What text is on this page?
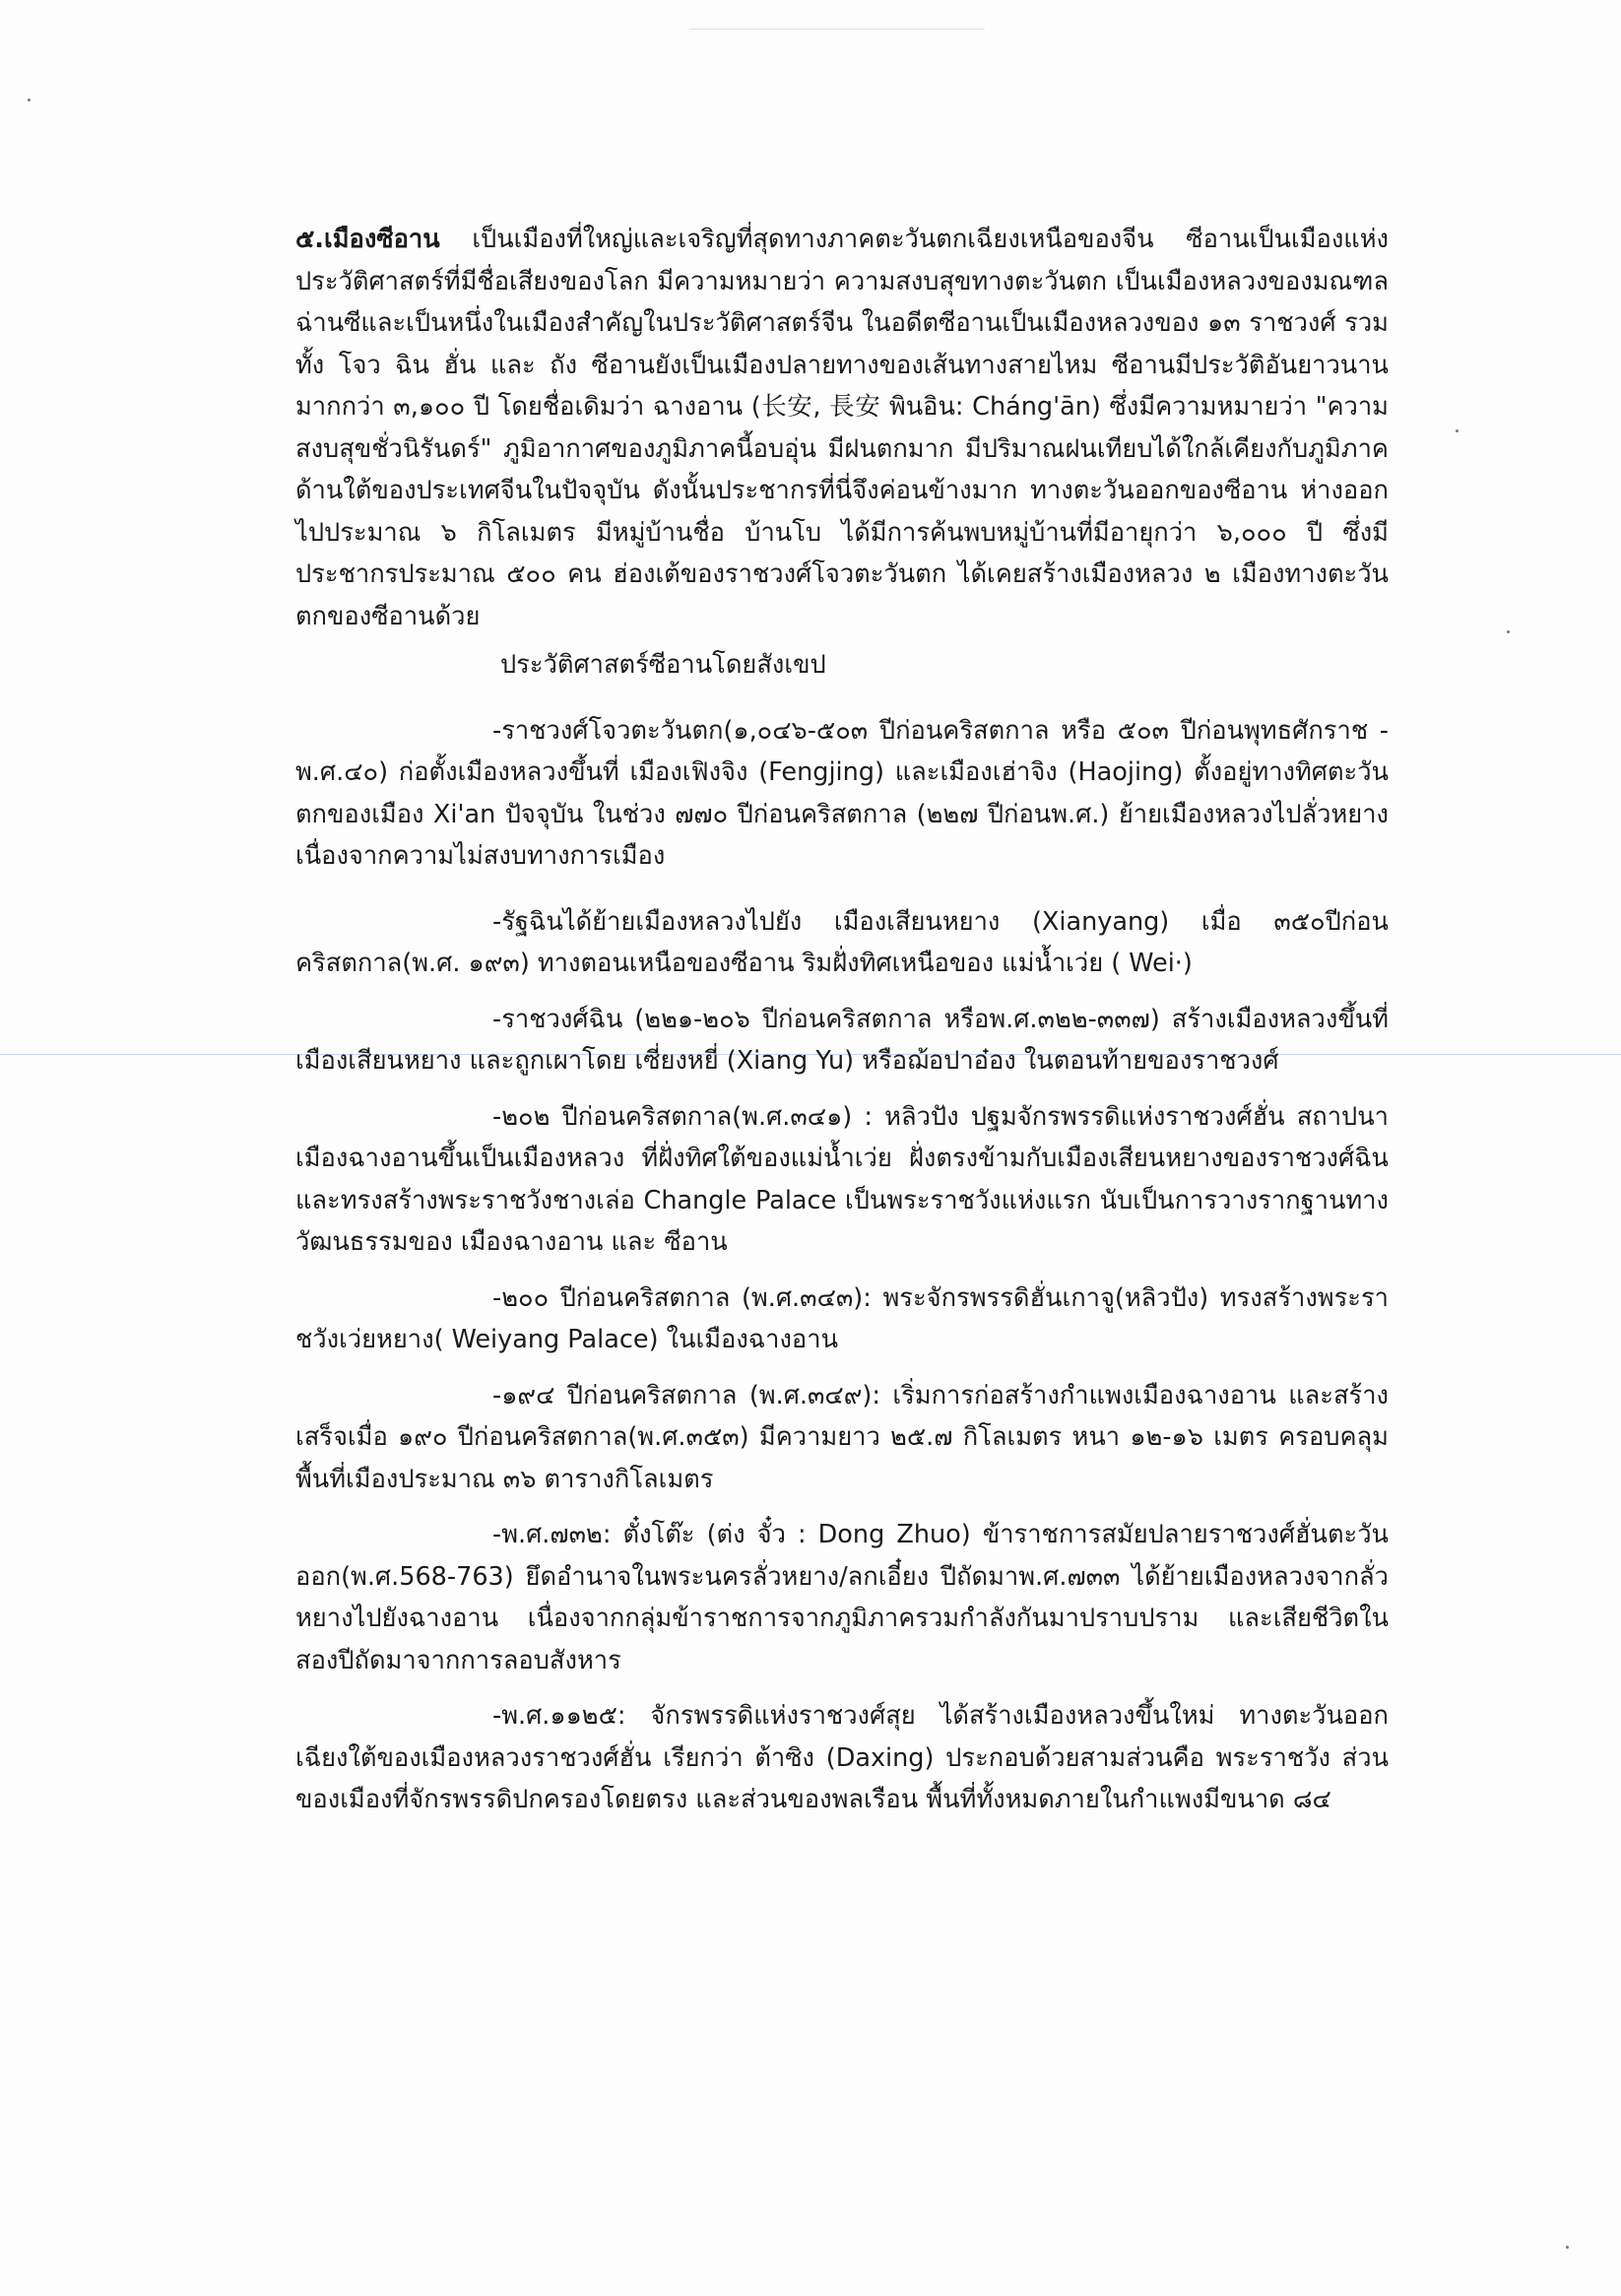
๕.เมืองซีอาน เป็นเมืองที่ใหญ่และเจริญที่สุดทางภาคตะวันตกเฉียงเหนือของจีน ซีอานเป็นเมืองแห่งประวัติศาสตร์ที่มีชื่อเสียงของโลก มีความหมายว่า ความสงบสุขทางตะวันตก เป็นเมืองหลวงของมณฑลฉ่านซีและเป็นหนึ่งในเมืองสำคัญในประวัติศาสตร์จีน ในอดีตซีอานเป็นเมืองหลวงของ ๑๓ ราชวงศ์ รวมทั้ง โจว ฉิน ฮั่น และ ถัง ซีอานยังเป็นเมืองปลายทางของเส้นทางสายไหม ซีอานมีประวัติอันยาวนานมากกว่า ๓,๑๐๐ ปี โดยชื่อเดิมว่า ฉางอาน (长安, 長安 พินอิน: Cháng'ān) ซึ่งมีความหมายว่า "ความสงบสุขชั่วนิรันดร์" ภูมิอากาศของภูมิภาคนี้อบอุ่น มีฝนตกมาก มีปริมาณฝนเทียบได้ใกล้เคียงกับภูมิภาคด้านใต้ของประเทศจีนในปัจจุบัน ดังนั้นประชากรที่นี่จึงค่อนข้างมาก ทางตะวันออกของซีอาน ห่างออกไปประมาณ ๖ กิโลเมตร มีหมู่บ้านชื่อ บ้านโบ ได้มีการค้นพบหมู่บ้านที่มีอายุกว่า ๖,๐๐๐ ปี ซึ่งมีประชากรประมาณ ๕๐๐ คน ฮ่องเต้ของราชวงศ์โจวตะวันตก ได้เคยสร้างเมืองหลวง ๒ เมืองทางตะวันตกของซีอานด้วย

ประวัติศาสตร์ซีอานโดยสังเขป

-ราชวงศ์โจวตะวันตก(๑,๐๔๖-๕๐๓ ปีก่อนคริสตกาล หรือ ๕๐๓ ปีก่อนพุทธศักราช - พ.ศ.๔๐) ก่อตั้งเมืองหลวงขึ้นที่ เมืองเฟิงจิง (Fengjing) และเมืองเฮ่าจิง (Haojing) ตั้งอยู่ทางทิศตะวันตกของเมือง Xi'an ปัจจุบัน ในช่วง ๗๗๐ ปีก่อนคริสตกาล (๒๒๗ ปีก่อนพ.ศ.) ย้ายเมืองหลวงไปลั่วหยาง เนื่องจากความไม่สงบทางการเมือง

-รัฐฉินได้ย้ายเมืองหลวงไปยัง เมืองเสียนหยาง (Xianyang) เมื่อ ๓๕๐ปีก่อนคริสตกาล(พ.ศ. ๑๙๓) ทางตอนเหนือของซีอาน ริมฝั่งทิศเหนือของ แม่น้ำเว่ย ( Wei·)

-ราชวงศ์ฉิน (๒๒๑-๒๐๖ ปีก่อนคริสตกาล หรือพ.ศ.๓๒๒-๓๓๗) สร้างเมืองหลวงขึ้นที่ เมืองเสียนหยาง และถูกเผาโดย เซี่ยงหยี่ (Xiang Yu) หรือฌ้อปาอ๋อง ในตอนท้ายของราชวงศ์

-๒๐๒ ปีก่อนคริสตกาล(พ.ศ.๓๔๑) : หลิวปัง ปฐมจักรพรรดิแห่งราชวงศ์ฮั่น สถาปนาเมืองฉางอานขึ้นเป็นเมืองหลวง ที่ฝั่งทิศใต้ของแม่น้ำเว่ย ฝั่งตรงข้ามกับเมืองเสียนหยางของราชวงศ์ฉิน และทรงสร้างพระราชวังชางเล่อ Changle Palace เป็นพระราชวังแห่งแรก นับเป็นการวางรากฐานทางวัฒนธรรมของ เมืองฉางอาน และ ซีอาน

-๒๐๐ ปีก่อนคริสตกาล (พ.ศ.๓๔๓): พระจักรพรรดิฮั่นเกาจู(หลิวปัง) ทรงสร้างพระราชวังเว่ยหยาง( Weiyang Palace) ในเมืองฉางอาน

-๑๙๔ ปีก่อนคริสตกาล (พ.ศ.๓๔๙): เริ่มการก่อสร้างกำแพงเมืองฉางอาน และสร้างเสร็จเมื่อ ๑๙๐ ปีก่อนคริสตกาล(พ.ศ.๓๕๓) มีความยาว ๒๕.๗ กิโลเมตร หนา ๑๒-๑๖ เมตร ครอบคลุมพื้นที่เมืองประมาณ ๓๖ ตารางกิโลเมตร

-พ.ศ.๗๓๒: ตั๋งโต๊ะ (ต่ง จั๋ว : Dong Zhuo) ข้าราชการสมัยปลายราชวงศ์ฮั่นตะวันออก(พ.ศ.568-763) ยึดอำนาจในพระนครลั่วหยาง/ลกเอี๋ยง ปีถัดมาพ.ศ.๗๓๓ ได้ย้ายเมืองหลวงจากลั่วหยางไปยังฉางอาน เนื่องจากกลุ่มข้าราชการจากภูมิภาครวมกำลังกันมาปราบปราม และเสียชีวิตในสองปีถัดมาจากการลอบสังหาร

-พ.ศ.๑๑๒๕: จักรพรรดิแห่งราชวงศ์สุย ได้สร้างเมืองหลวงขึ้นใหม่ ทางตะวันออกเฉียงใต้ของเมืองหลวงราชวงศ์ฮั่น เรียกว่า ต้าซิง (Daxing) ประกอบด้วยสามส่วนคือ พระราชวัง ส่วนของเมืองที่จักรพรรดิปกครองโดยตรง และส่วนของพลเรือน พื้นที่ทั้งหมดภายในกำแพงมีขนาด ๘๔
